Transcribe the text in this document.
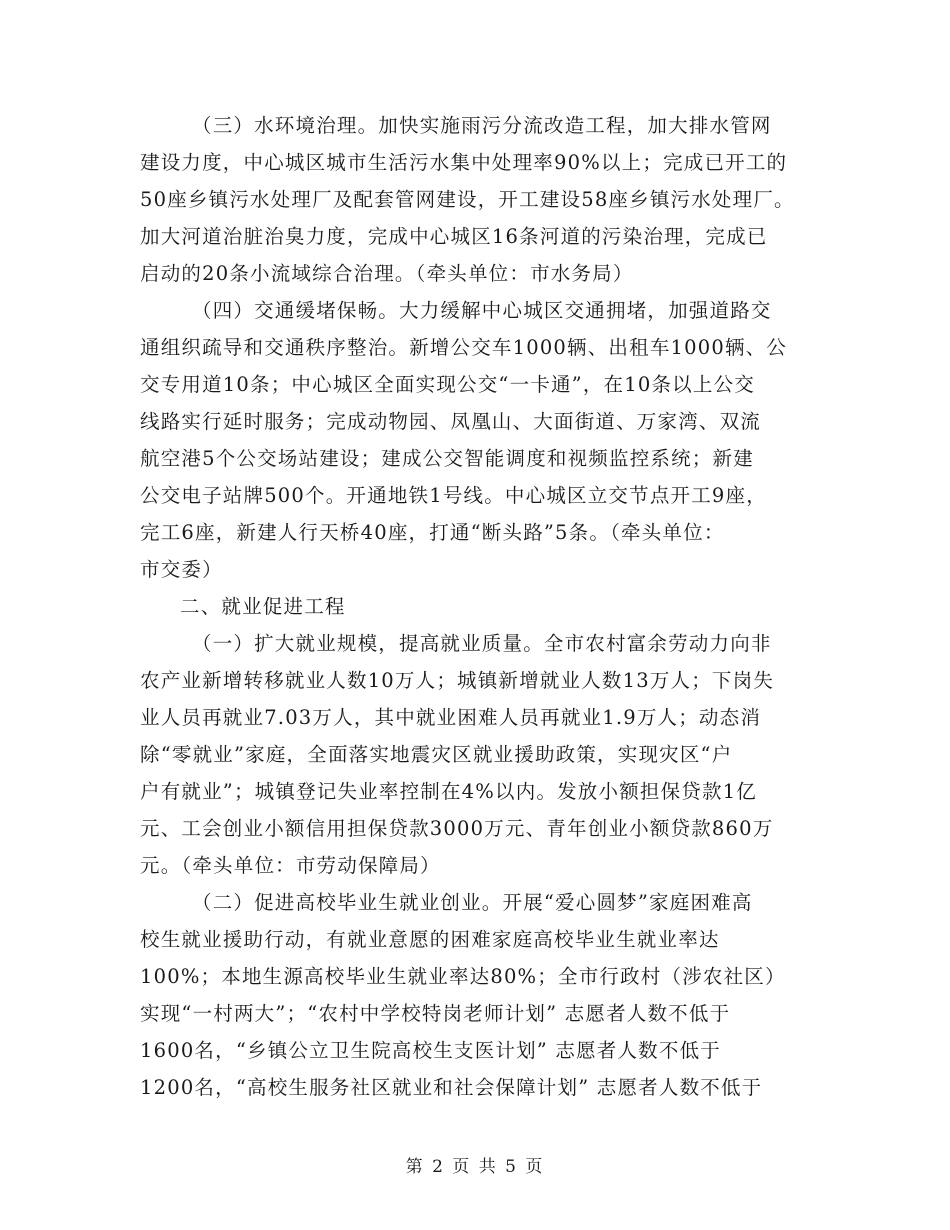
（三）水环境治理。加快实施雨污分流改造工程，加大排水管网
建设力度，中心城区城市生活污水集中处理率90%以上；完成已开工的
50座乡镇污水处理厂及配套管网建设，开工建设58座乡镇污水处理厂。
加大河道治脏治臭力度，完成中心城区16条河道的污染治理，完成已
启动的20条小流域综合治理。（牵头单位：市水务局）
（四）交通缓堵保畅。大力缓解中心城区交通拥堵，加强道路交
通组织疏导和交通秩序整治。新增公交车1000辆、出租车1000辆、公
交专用道10条；中心城区全面实现公交“一卡通”，在10条以上公交
线路实行延时服务；完成动物园、凤凰山、大面街道、万家湾、双流
航空港5个公交场站建设；建成公交智能调度和视频监控系统；新建
公交电子站牌500个。开通地铁1号线。中心城区立交节点开工9座，
完工6座，新建人行天桥40座，打通“断头路”5条。（牵头单位：
市交委）
二、就业促进工程
（一）扩大就业规模，提高就业质量。全市农村富余劳动力向非
农产业新增转移就业人数10万人；城镇新增就业人数13万人；下岗失
业人员再就业7.03万人，其中就业困难人员再就业1.9万人；动态消
除“零就业”家庭，全面落实地震灾区就业援助政策，实现灾区“户
户有就业”；城镇登记失业率控制在4%以内。发放小额担保贷款1亿
元、工会创业小额信用担保贷款3000万元、青年创业小额贷款860万
元。（牵头单位：市劳动保障局）
（二）促进高校毕业生就业创业。开展“爱心圆梦”家庭困难高
校生就业援助行动，有就业意愿的困难家庭高校毕业生就业率达
100%；本地生源高校毕业生就业率达80%；全市行政村（涉农社区）
实现“一村两大”；“农村中学校特岗老师计划” 志愿者人数不低于
1600名，“乡镇公立卫生院高校生支医计划” 志愿者人数不低于
1200名，“高校生服务社区就业和社会保障计划” 志愿者人数不低于
第 2 页 共 5 页
